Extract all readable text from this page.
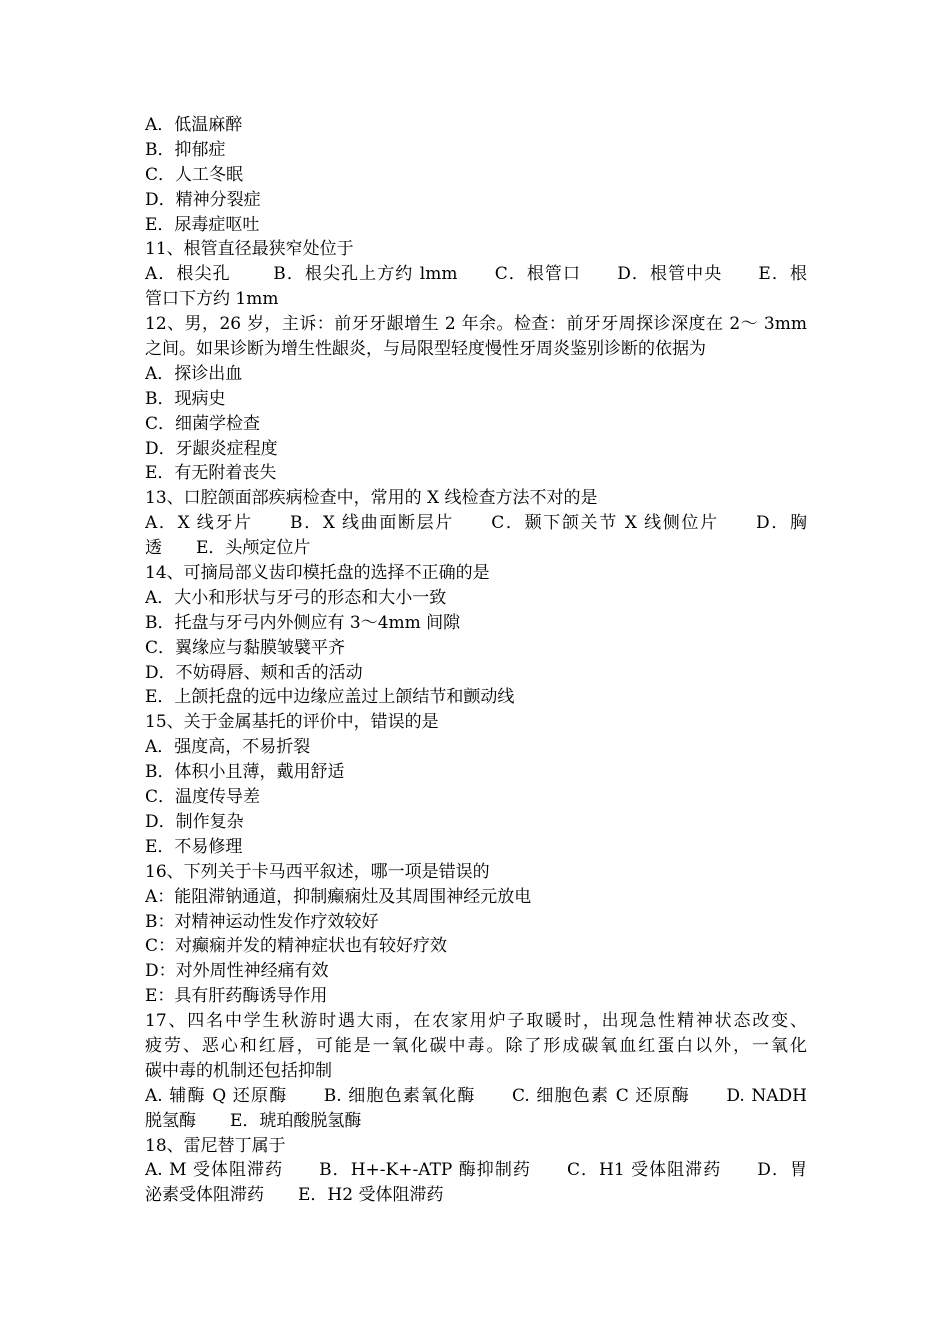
A．低温麻醉
B．抑郁症
C．人工冬眠
D．精神分裂症
E．尿毒症呕吐
11、根管直径最狭窄处位于
A．根尖孔 　　B．根尖孔上方约 lmm　　C．根管口　　D．根管中央　　E．根
管口下方约 1mm
12、男，26 岁，主诉：前牙牙龈增生 2 年余。检查：前牙牙周探诊深度在 2～ 3mm
之间。如果诊断为增生性龈炎，与局限型轻度慢性牙周炎鉴别诊断的依据为
A．探诊出血
B．现病史
C．细菌学检查
D．牙龈炎症程度
E．有无附着丧失
13、口腔颌面部疾病检查中，常用的 X 线检查方法不对的是
A．X 线牙片　　B．X 线曲面断层片　　C．颞下颌关节 X 线侧位片　　D．胸
透　　E．头颅定位片
14、可摘局部义齿印模托盘的选择不正确的是
A．大小和形状与牙弓的形态和大小一致
B．托盘与牙弓内外侧应有 3～4mm 间隙
C．翼缘应与黏膜皱襞平齐
D．不妨碍唇、颊和舌的活动
E．上颌托盘的远中边缘应盖过上颌结节和颤动线
15、关于金属基托的评价中，错误的是
A．强度高，不易折裂
B．体积小且薄，戴用舒适
C．温度传导差
D．制作复杂
E．不易修理
16、下列关于卡马西平叙述，哪一项是错误的
A：能阻滞钠通道，抑制癫痫灶及其周围神经元放电
B：对精神运动性发作疗效较好
C：对癫痫并发的精神症状也有较好疗效
D：对外周性神经痛有效
E：具有肝药酶诱导作用
17、四名中学生秋游时遇大雨，在农家用炉子取暖时，出现急性精神状态改变、
疲劳、恶心和红唇，可能是一氧化碳中毒。除了形成碳氧血红蛋白以外，一氧化
碳中毒的机制还包括抑制
A. 辅酶 Q 还原酶　　B. 细胞色素氧化酶　　C. 细胞色素 C 还原酶　　D. NADH
脱氢酶　　E．琥珀酸脱氢酶
18、雷尼替丁属于
A. M 受体阻滞药　　B．H+-K+-ATP 酶抑制药　　C．H1 受体阻滞药　　D．胃
泌素受体阻滞药　　E．H2 受体阻滞药
